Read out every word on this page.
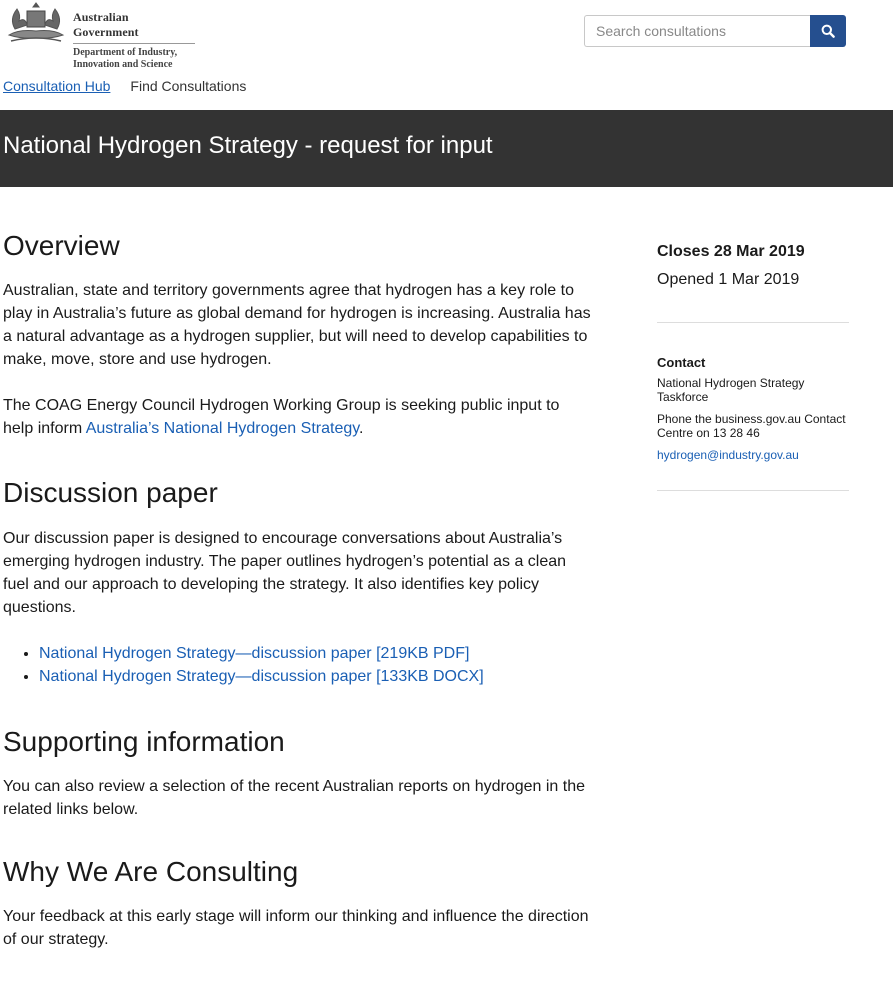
Australian Government
Department of Industry,
Innovation and Science
Search consultations
Consultation Hub Find Consultations
National Hydrogen Strategy - request for input
Overview

Australian, state and territory governments agree that hydrogen has a key role to play in Australia’s future as global demand for hydrogen is increasing. Australia has a natural advantage as a hydrogen supplier, but will need to develop capabilities to make, move, store and use hydrogen.

The COAG Energy Council Hydrogen Working Group is seeking public input to help inform Australia’s National Hydrogen Strategy.

Discussion paper

Our discussion paper is designed to encourage conversations about Australia’s emerging hydrogen industry. The paper outlines hydrogen’s potential as a clean fuel and our approach to developing the strategy. It also identifies key policy questions.

• National Hydrogen Strategy—discussion paper [219KB PDF]
• National Hydrogen Strategy—discussion paper [133KB DOCX]
Supporting information

You can also review a selection of the recent Australian reports on hydrogen in the related links below.

Why We Are Consulting

Your feedback at this early stage will inform our thinking and influence the direction of our strategy.

Closes 28 Mar 2019
Opened 1 Mar 2019
Contact
National Hydrogen Strategy Taskforce
Phone the business.gov.au Contact Centre on 13 28 46
hydrogen@industry.gov.au
